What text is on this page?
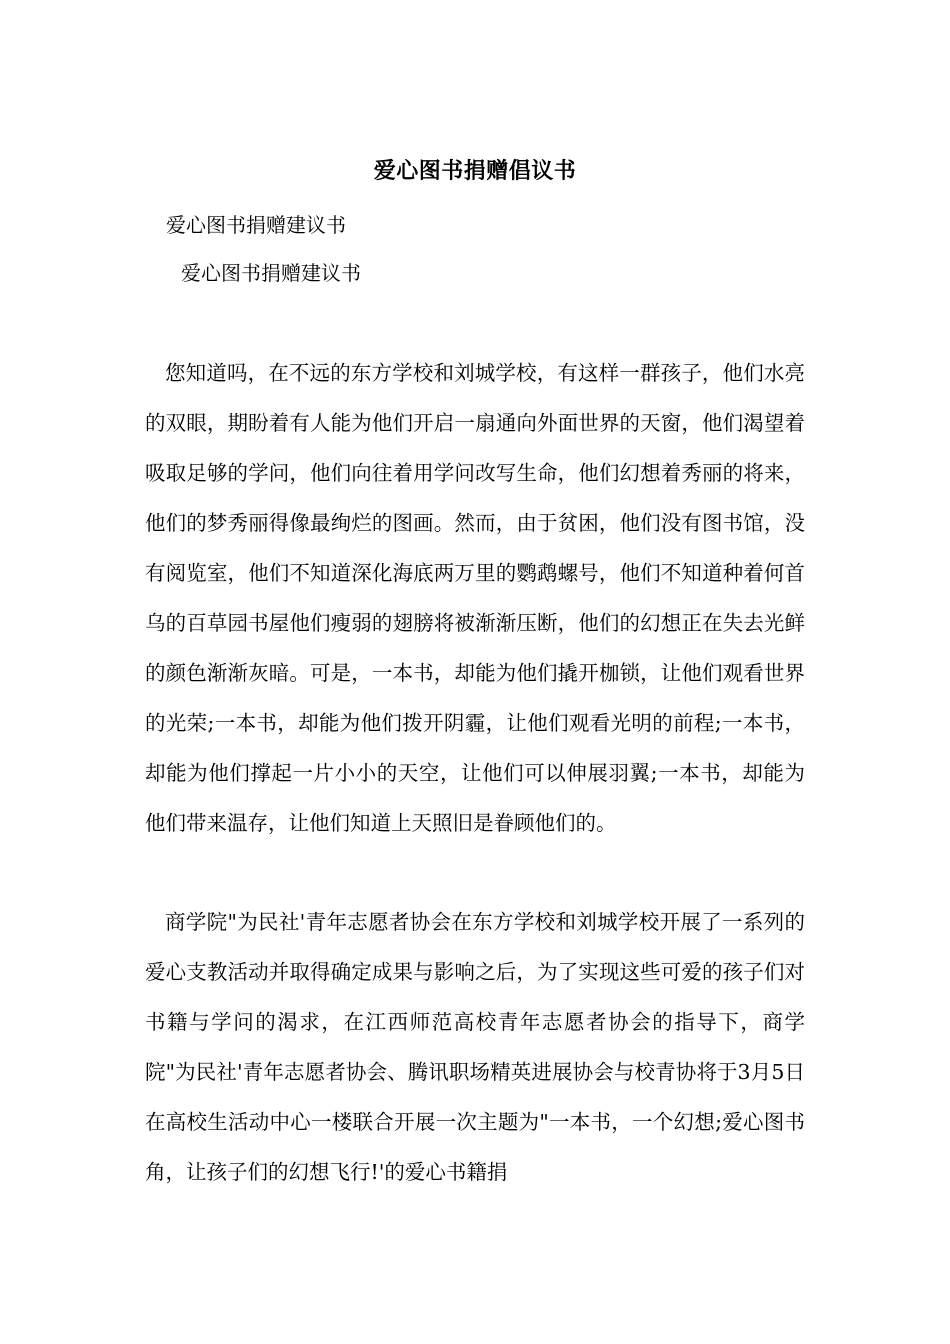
爱心图书捐赠倡议书
爱心图书捐赠建议书
爱心图书捐赠建议书

您知道吗，在不远的东方学校和刘城学校，有这样一群孩子，他们水亮的双眼，期盼着有人能为他们开启一扇通向外面世界的天窗，他们渴望着吸取足够的学问，他们向往着用学问改写生命，他们幻想着秀丽的将来，他们的梦秀丽得像最绚烂的图画。然而，由于贫困，他们没有图书馆，没有阅览室，他们不知道深化海底两万里的鹦鹉螺号，他们不知道种着何首乌的百草园书屋他们瘦弱的翅膀将被渐渐压断，他们的幻想正在失去光鲜的颜色渐渐灰暗。可是，一本书，却能为他们撬开枷锁，让他们观看世界的光荣;一本书，却能为他们拨开阴霾，让他们观看光明的前程;一本书，却能为他们撑起一片小小的天空，让他们可以伸展羽翼;一本书，却能为他们带来温存，让他们知道上天照旧是眷顾他们的。

商学院"为民社'青年志愿者协会在东方学校和刘城学校开展了一系列的爱心支教活动并取得确定成果与影响之后，为了实现这些可爱的孩子们对书籍与学问的渴求，在江西师范高校青年志愿者协会的指导下，商学院"为民社'青年志愿者协会、腾讯职场精英进展协会与校青协将于3月5日在高校生活动中心一楼联合开展一次主题为"一本书，一个幻想;爱心图书角，让孩子们的幻想飞行!'的爱心书籍捐
